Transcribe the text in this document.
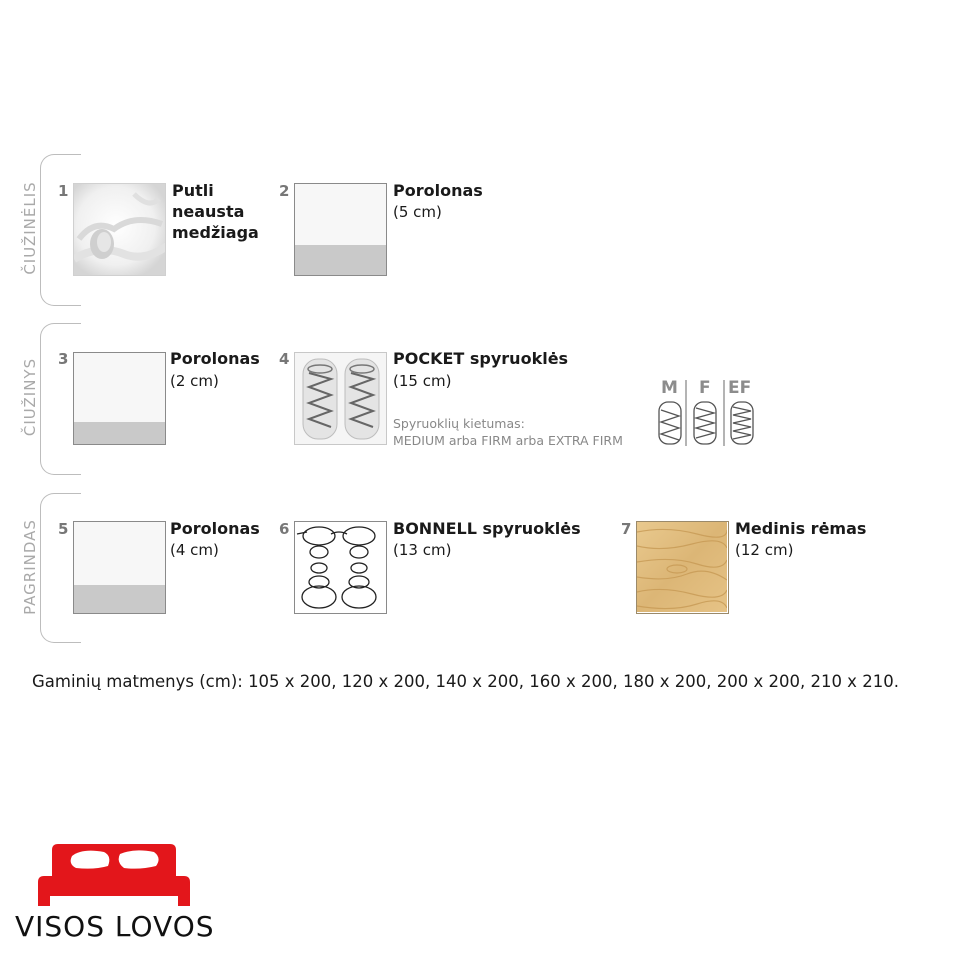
ČIUŽINĖLIS
ČIUŽINYS
PAGRINDAS
1	Putli
neausta
medžiaga
2	Porolonas
(5 cm)
3	Porolonas
(2 cm)
4	POCKET spyruoklės
(15 cm)
Spyruoklių kietumas:
MEDIUM arba FIRM arba EXTRA FIRM
M F EF
5	Porolonas
(4 cm)
6	BONNELL spyruoklės
(13 cm)
7	Medinis rėmas
(12 cm)
Gaminių matmenys (cm): 105 x 200, 120 x 200, 140 x 200, 160 x 200, 180 x 200, 200 x 200, 210 x 210.
VISOS LOVOS
